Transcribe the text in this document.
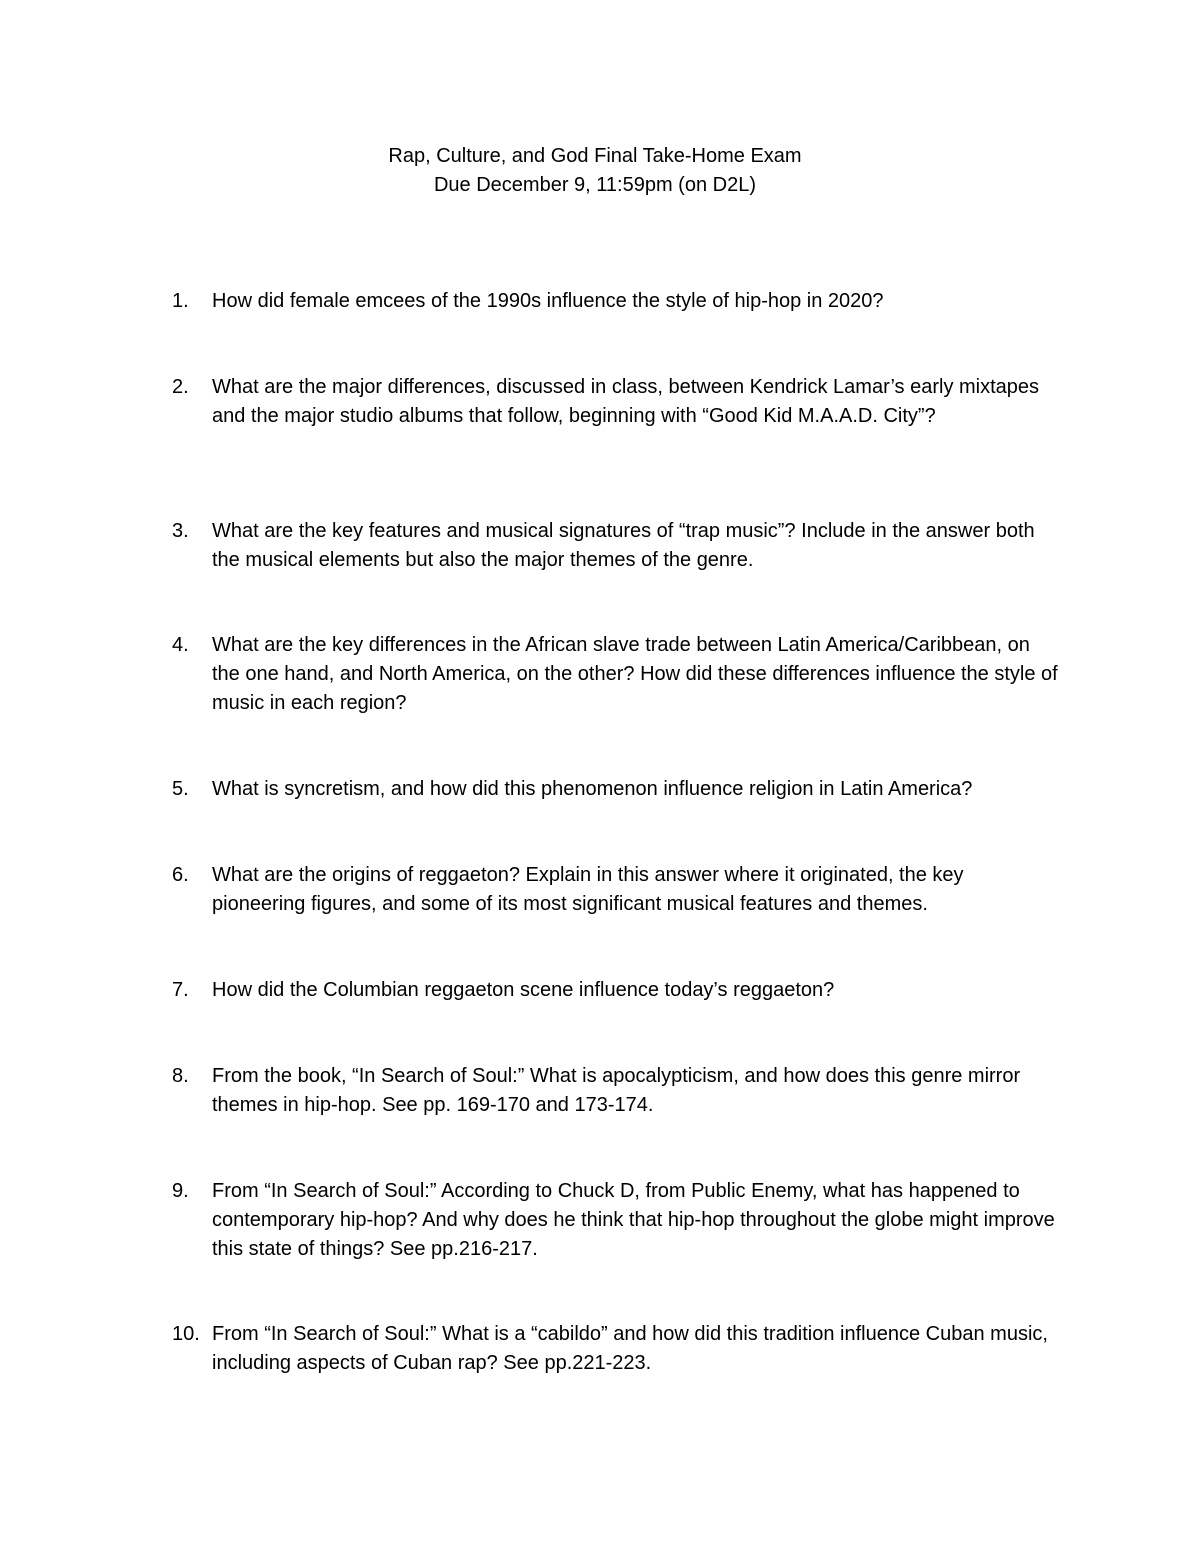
Rap, Culture, and God Final Take-Home Exam
Due December 9, 11:59pm (on D2L)
1.	How did female emcees of the 1990s influence the style of hip-hop in 2020?
2.	What are the major differences, discussed in class, between Kendrick Lamar’s early mixtapes and the major studio albums that follow, beginning with “Good Kid M.A.A.D. City”?
3.	What are the key features and musical signatures of “trap music”? Include in the answer both the musical elements but also the major themes of the genre.
4.	What are the key differences in the African slave trade between Latin America/Caribbean, on the one hand, and North America, on the other? How did these differences influence the style of music in each region?
5.	What is syncretism, and how did this phenomenon influence religion in Latin America?
6.	What are the origins of reggaeton? Explain in this answer where it originated, the key pioneering figures, and some of its most significant musical features and themes.
7.	How did the Columbian reggaeton scene influence today’s reggaeton?
8.	From the book, “In Search of Soul:” What is apocalypticism, and how does this genre mirror themes in hip-hop. See pp. 169-170 and 173-174.
9.	From “In Search of Soul:” According to Chuck D, from Public Enemy, what has happened to contemporary hip-hop? And why does he think that hip-hop throughout the globe might improve this state of things? See pp.216-217.
10. From “In Search of Soul:” What is a “cabildo” and how did this tradition influence Cuban music, including aspects of Cuban rap? See pp.221-223.
